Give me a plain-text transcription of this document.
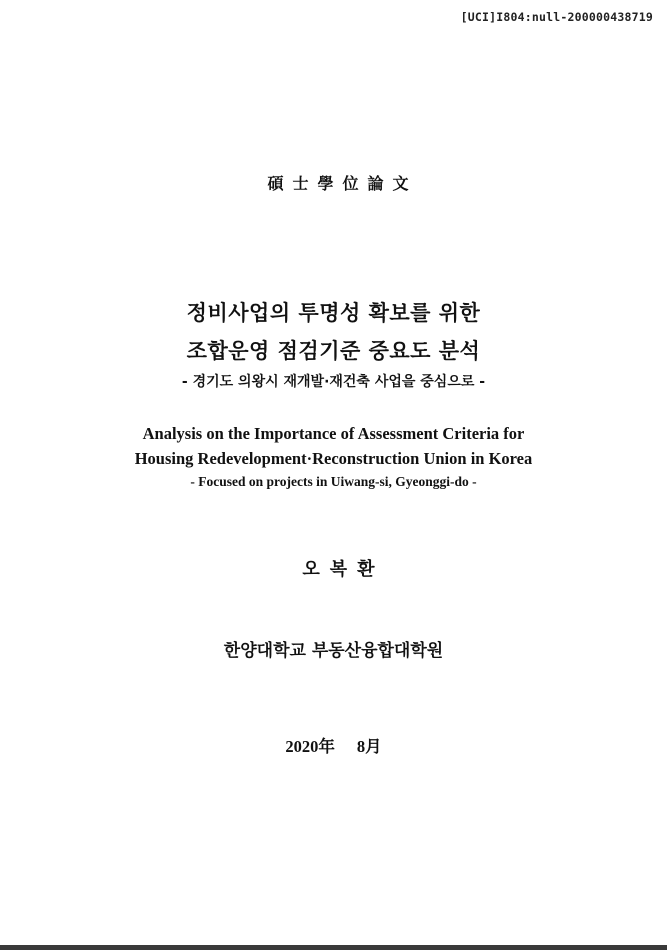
[UCI]I804:null-200000438719
碩士學位論文
정비사업의 투명성 확보를 위한
조합운영 점검기준 중요도 분석
- 경기도 의왕시 재개발·재건축 사업을 중심으로 -
Analysis on the Importance of Assessment Criteria for
Housing Redevelopment·Reconstruction Union in Korea
- Focused on projects in Uiwang-si, Gyeonggi-do -
오복환
한양대학교 부동산융합대학원
2020年 8月
